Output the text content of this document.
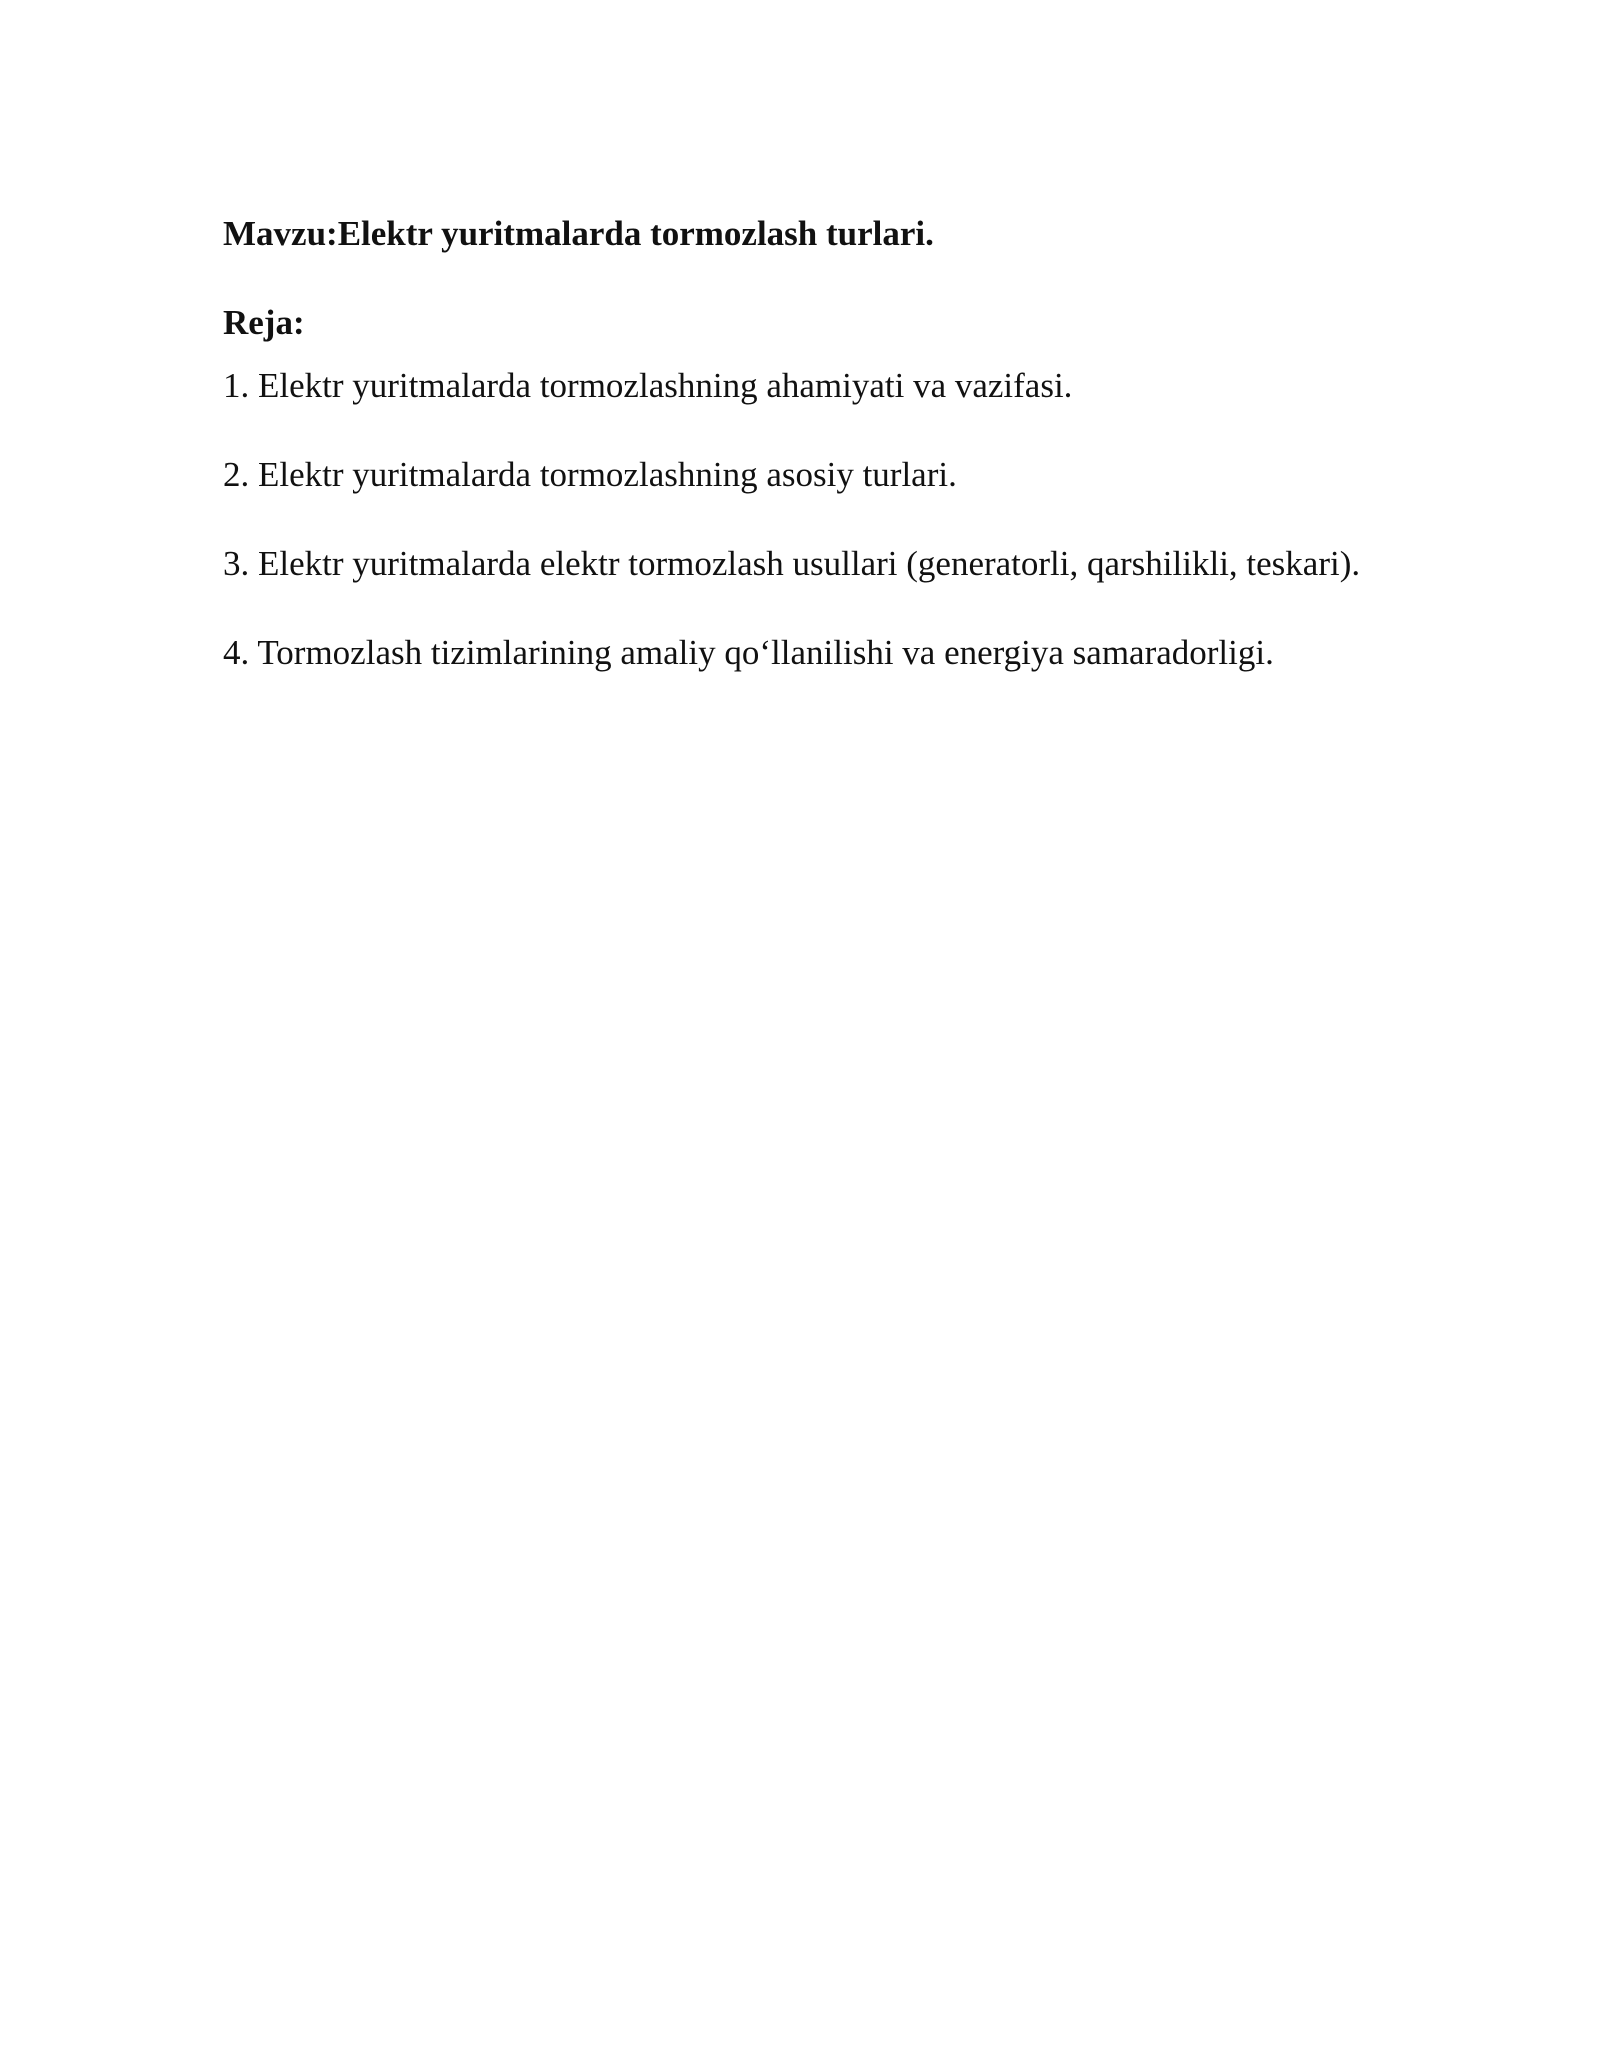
Mavzu:Elektr yuritmalarda tormozlash turlari.
Reja:
1. Elektr yuritmalarda tormozlashning ahamiyati va vazifasi.
2. Elektr yuritmalarda tormozlashning asosiy turlari.
3. Elektr yuritmalarda elektr tormozlash usullari (generatorli, qarshilikli, teskari).
4. Tormozlash tizimlarining amaliy qo‘llanilishi va energiya samaradorligi.
